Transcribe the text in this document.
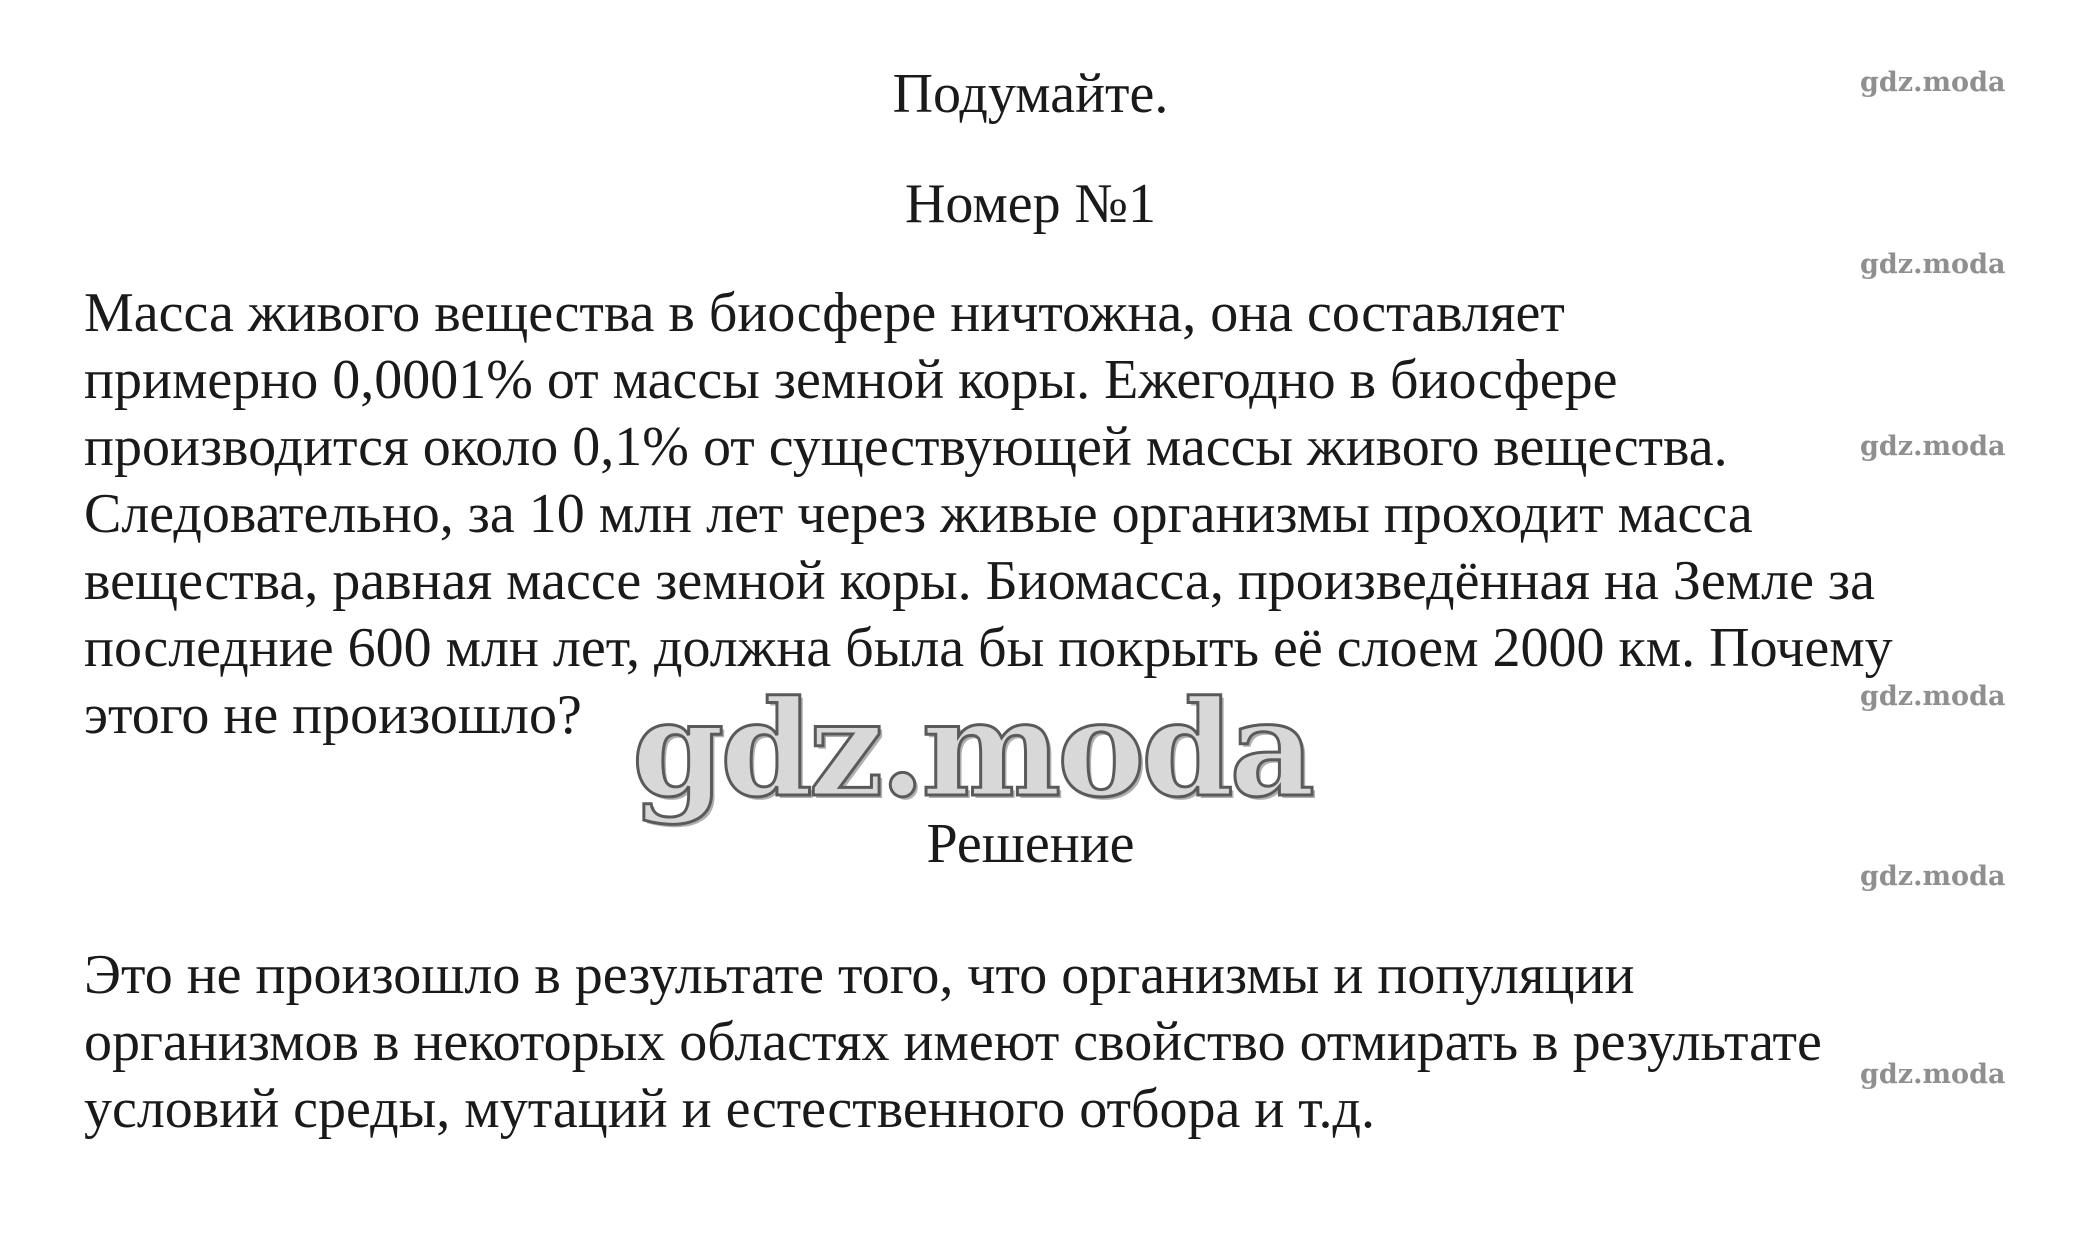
Подумайте.
Номер №1
Масса живого вещества в биосфере ничтожна, она составляет
примерно 0,0001% от массы земной коры. Ежегодно в биосфере
производится около 0,1% от существующей массы живого вещества.
Следовательно, за 10 млн лет через живые организмы проходит масса
вещества, равная массе земной коры. Биомасса, произведённая на Земле за
последние 600 млн лет, должна была бы покрыть её слоем 2000 км. Почему
этого не произошло?
Решение
Это не произошло в результате того, что организмы и популяции
организмов в некоторых областях имеют свойство отмирать в результате
условий среды, мутаций и естественного отбора и т.д.
gdz.moda
gdz.moda
gdz.moda
gdz.moda
gdz.moda
gdz.moda
gdz.moda
